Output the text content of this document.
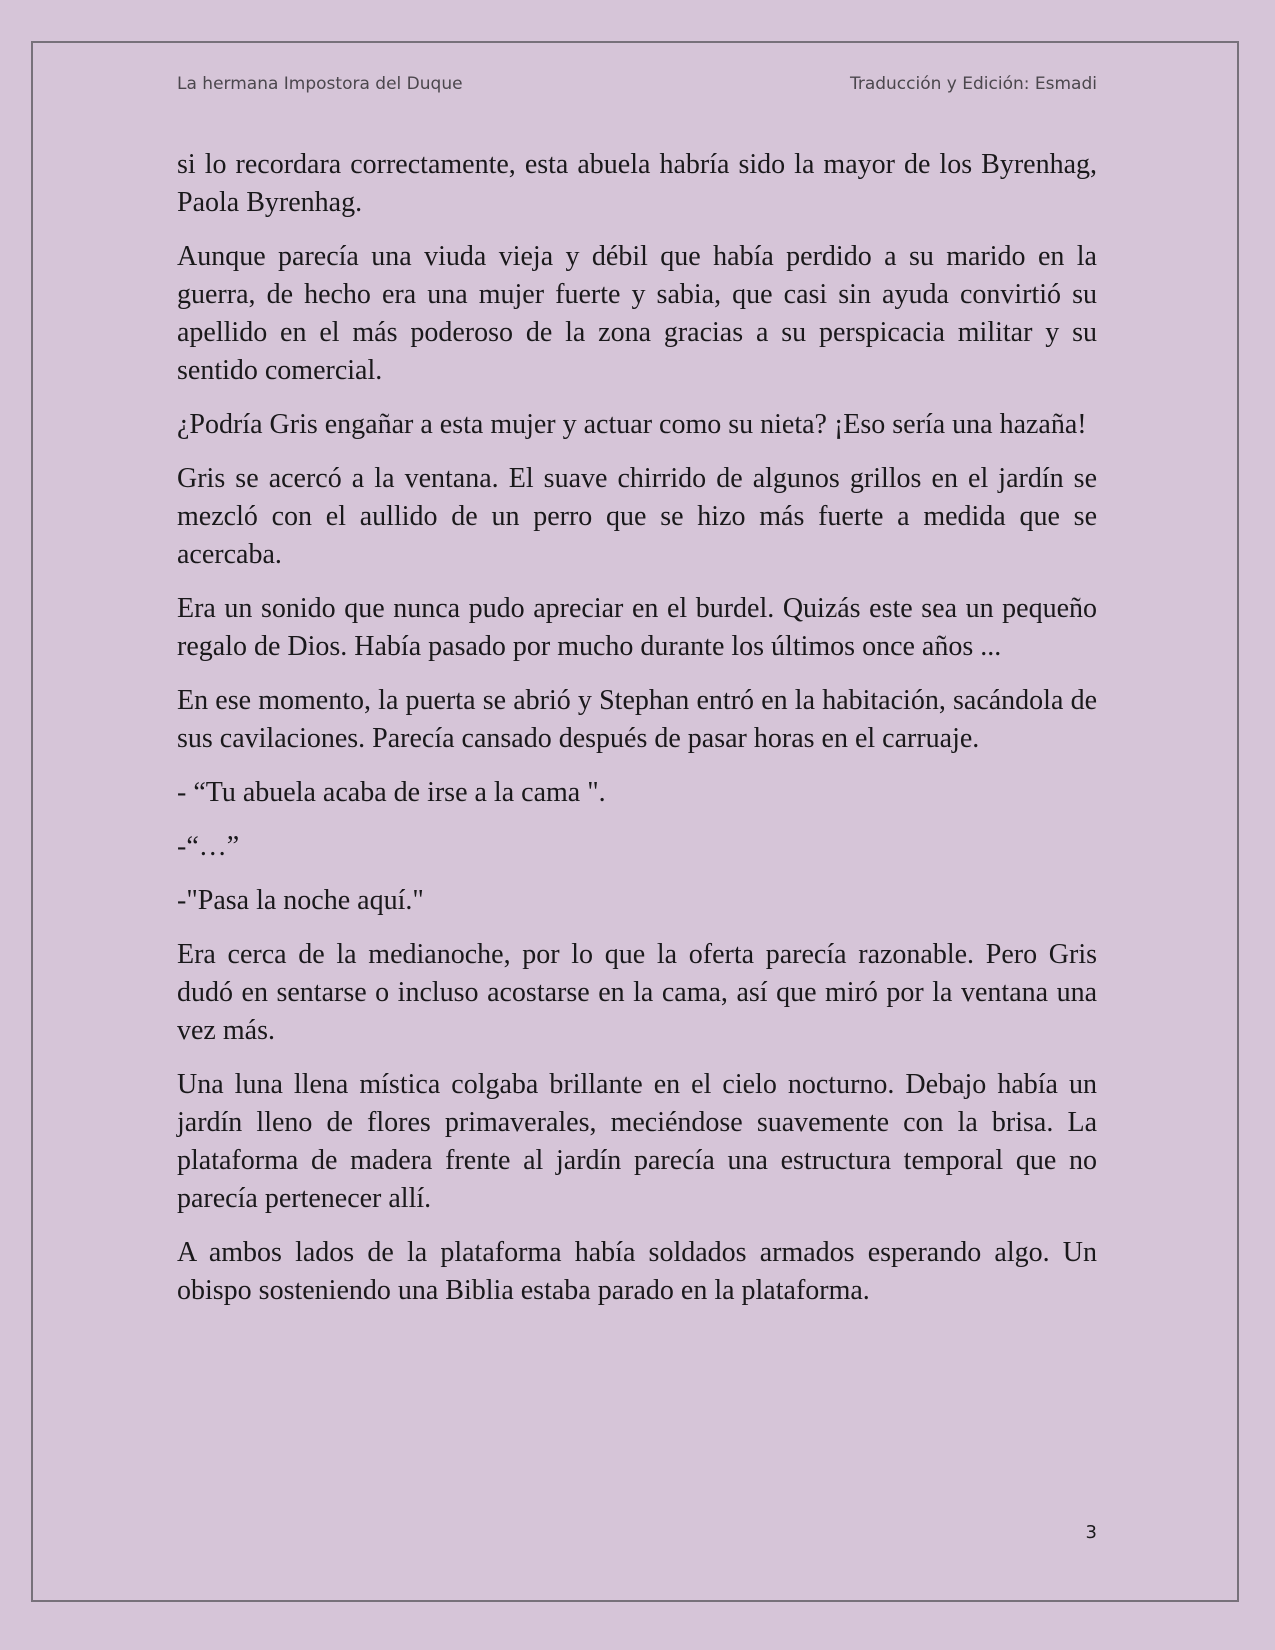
La hermana Impostora del Duque	Traducción y Edición: Esmadi

si lo recordara correctamente, esta abuela habría sido la mayor de los Byrenhag, Paola Byrenhag.

Aunque parecía una viuda vieja y débil que había perdido a su marido en la guerra, de hecho era una mujer fuerte y sabia, que casi sin ayuda convirtió su apellido en el más poderoso de la zona gracias a su perspicacia militar y su sentido comercial.

¿Podría Gris engañar a esta mujer y actuar como su nieta? ¡Eso sería una hazaña!

Gris se acercó a la ventana. El suave chirrido de algunos grillos en el jardín se mezcló con el aullido de un perro que se hizo más fuerte a medida que se acercaba.

Era un sonido que nunca pudo apreciar en el burdel. Quizás este sea un pequeño regalo de Dios. Había pasado por mucho durante los últimos once años ...

En ese momento, la puerta se abrió y Stephan entró en la habitación, sacándola de sus cavilaciones. Parecía cansado después de pasar horas en el carruaje.

- “Tu abuela acaba de irse a la cama ".

-“…”

-"Pasa la noche aquí."

Era cerca de la medianoche, por lo que la oferta parecía razonable. Pero Gris dudó en sentarse o incluso acostarse en la cama, así que miró por la ventana una vez más.

Una luna llena mística colgaba brillante en el cielo nocturno. Debajo había un jardín lleno de flores primaverales, meciéndose suavemente con la brisa. La plataforma de madera frente al jardín parecía una estructura temporal que no parecía pertenecer allí.

A ambos lados de la plataforma había soldados armados esperando algo. Un obispo sosteniendo una Biblia estaba parado en la plataforma.

3
